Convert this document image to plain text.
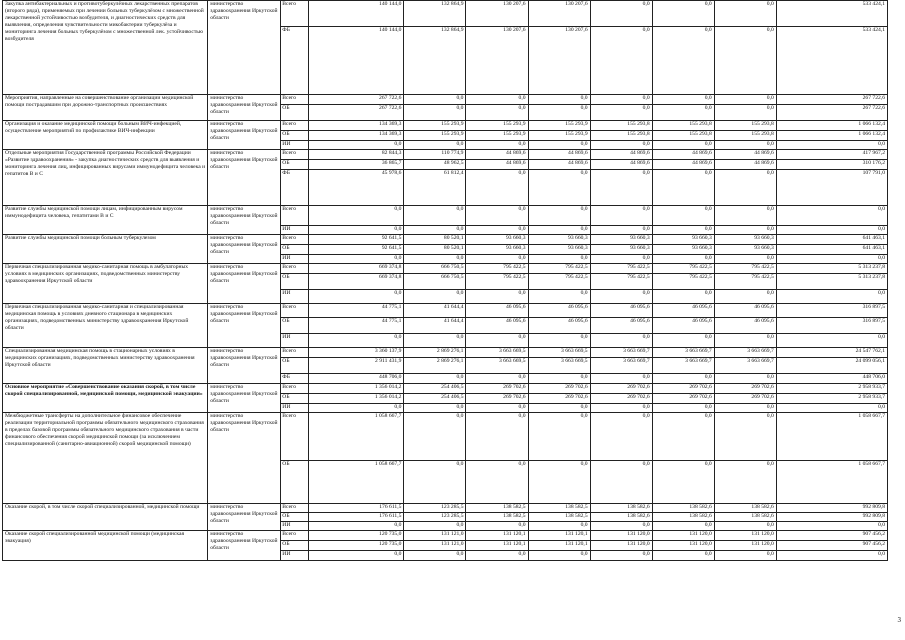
Закупка антибактериальных и противотуберкулёзных лекарственных препаратов (второго ряда), применяемых при лечении больных туберкулёзом с множественной лекарственной устойчивостью возбудителя, и диагностических средств для выявления, определения чувствительности микобактерии туберкулёза и мониторинга лечения больных туберкулёзом с множественной лек. устойчивостью возбудителя	министерство здравоохранения Иркутской области	Всего	140 144,0	132 864,9	130 207,6	130 207,6	0,0	0,0	0,0	533 424,1
		ФБ	140 144,0	132 864,9	130 207,6	130 207,6	0,0	0,0	0,0	533 424,1
Мероприятия, направленные на совершенствование организации медицинской помощи пострадавшим при дорожно-транспортных происшествиях	министерство здравоохранения Иркутской области	Всего	267 722,6	0,0	0,0	0,0	0,0	0,0	0,0	267 722,6
		ОБ	267 722,6	0,0	0,0	0,0	0,0	0,0	0,0	267 722,6
Организация и оказание медицинской помощи больным ВИЧ-инфекцией, осуществление мероприятий по профилактике ВИЧ-инфекции	министерство здравоохранения Иркутской области	Всего	134 369,3	155 293,9	155 293,9	155 293,9	155 293,8	155 293,8	155 293,8	1 066 132,4
		ОБ	134 369,3	155 293,9	155 293,9	155 293,9	155 293,8	155 293,8	155 293,8	1 066 132,4
		ИИ	0,0	0,0	0,0	0,0	0,0	0,0	0,0	0,0
Отдельные мероприятия Государственной программы Российской Федерации «Развитие здравоохранения» - закупка диагностических средств для выявления и мониторинга лечения лиц, инфицированных вирусами иммунодефицита человека и гепатитов В и С	министерство здравоохранения Иркутской области	Всего	82 844,3	110 774,9	44 869,6	44 869,6	44 869,6	44 869,6	44 869,6	417 967,2
		ОБ	36 865,7	48 962,5	44 869,6	44 869,6	44 869,6	44 869,6	44 869,6	310 176,2
		ФБ	45 978,6	61 812,4	0,0	0,0	0,0	0,0	0,0	107 791,0
Развитие службы медицинской помощи лицам, инфицированным вирусом иммунодефицита человека, гепатитами В и С	министерство здравоохранения Иркутской области	Всего	0,0	0,0	0,0	0,0	0,0	0,0	0,0	0,0
		ИИ	0,0	0,0	0,0	0,0	0,0	0,0	0,0	0,0
Развитие службы медицинской помощи больным туберкулезом	министерство здравоохранения Иркутской области	Всего	92 641,5	80 520,1	93 660,3	93 660,3	93 660,3	93 660,3	93 660,3	641 463,1
		ОБ	92 641,5	80 520,1	93 660,3	93 660,3	93 660,3	93 660,3	93 660,3	641 463,1
		ИИ	0,0	0,0	0,0	0,0	0,0	0,0	0,0	0,0
Первичная специализированная медико-санитарная помощь в амбулаторных условиях в медицинских организациях, подведомственных министерству здравоохранения Иркутской области	министерство здравоохранения Иркутской области	Всего	669 374,8	666 750,5	795 422,5	795 422,5	795 422,5	795 422,5	795 422,5	5 313 237,8
		ОБ	669 374,8	666 750,5	795 422,5	795 422,5	795 422,5	795 422,5	795 422,5	5 313 237,8
		ИИ	0,0	0,0	0,0	0,0	0,0	0,0	0,0	0,0
Первичная специализированная медико-санитарная и специализированная медицинская помощь в условиях дневного стационара в медицинских организациях, подведомственных министерству здравоохранения Иркутской области	министерство здравоохранения Иркутской области	Всего	44 775,1	41 644,4	46 095,6	46 095,6	46 095,6	46 095,6	46 095,6	316 897,5
		ОБ	44 775,1	41 644,4	46 095,6	46 095,6	46 095,6	46 095,6	46 095,6	316 897,5
		ИИ	0,0	0,0	0,0	0,0	0,0	0,0	0,0	0,0
Специализированная медицинская помощь в стационарных условиях в медицинских организациях, подведомственных министерству здравоохранения Иркутской области	министерство здравоохранения Иркутской области	Всего	3 360 137,9	2 869 276,1	3 663 669,5	3 663 669,5	3 663 669,7	3 663 669,7	3 663 669,7	24 547 762,1
		ОБ	2 911 431,9	2 869 276,1	3 663 669,5	3 663 669,5	3 663 669,7	3 663 669,7	3 663 669,7	24 099 056,1
		ФБ	448 706,0	0,0	0,0	0,0	0,0	0,0	0,0	448 706,0
Основное мероприятие «Совершенствование оказания скорой, в том числе скорой специализированной, медицинской помощи, медицинской эвакуации»	министерство здравоохранения Иркутской области	Всего	1 356 014,2	254 406,5	269 702,6	269 702,6	269 702,6	269 702,6	269 702,6	2 958 933,7
		ОБ	1 356 014,2	254 406,5	269 702,6	269 702,6	269 702,6	269 702,6	269 702,6	2 958 933,7
		ИИ	0,0	0,0	0,0	0,0	0,0	0,0	0,0	0,0
Межбюджетные трансферты на дополнительное финансовое обеспечение реализации территориальной программы обязательного медицинского страхования в пределах базовой программы обязательного медицинского страхования в части финансового обеспечения скорой медицинской помощи (за исключением специализированной (санитарно-авиационной) скорой медицинской помощи)	министерство здравоохранения Иркутской области	Всего	1 058 667,7	0,0	0,0	0,0	0,0	0,0	0,0	1 058 667,7
		ОБ	1 058 667,7	0,0	0,0	0,0	0,0	0,0	0,0	1 058 667,7
Оказание скорой, в том числе скорой специализированной, медицинской помощи	министерство здравоохранения Иркутской области	Всего	176 611,5	123 285,5	138 582,5	138 582,5	138 582,6	138 582,6	138 582,6	992 809,8
		ОБ	176 611,5	123 285,5	138 582,5	138 582,5	138 582,6	138 582,6	138 582,6	992 809,8
		ИИ	0,0	0,0	0,0	0,0	0,0	0,0	0,0	0,0
Оказание скорой специализированной медицинской помощи (медицинская эвакуация)	министерство здравоохранения Иркутской области	Всего	120 735,0	131 121,0	131 120,1	131 120,1	131 120,0	131 120,0	131 120,0	907 456,2
		ОБ	120 735,0	131 121,0	131 120,1	131 120,1	131 120,0	131 120,0	131 120,0	907 456,2
		ИИ	0,0	0,0	0,0	0,0	0,0	0,0	0,0	0,0
3
